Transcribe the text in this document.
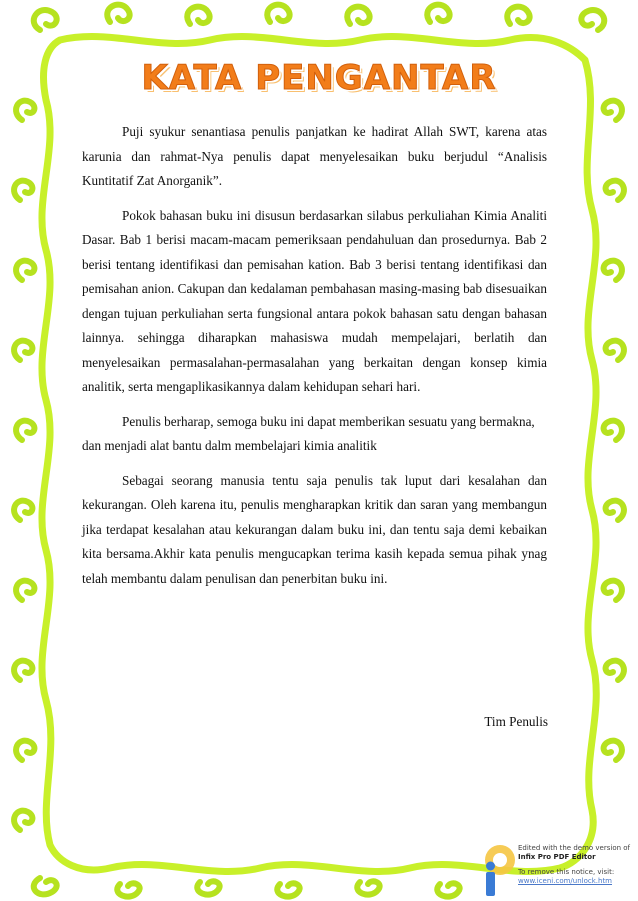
KATA PENGANTAR

Puji syukur senantiasa penulis panjatkan ke hadirat Allah SWT, karena atas karunia dan rahmat-Nya penulis dapat menyelesaikan buku berjudul “Analisis Kuntitatif Zat Anorganik”.

Pokok bahasan buku ini disusun berdasarkan silabus perkuliahan Kimia Analiti Dasar. Bab 1 berisi macam-macam pemeriksaan pendahuluan dan prosedurnya. Bab 2 berisi tentang identifikasi dan pemisahan kation. Bab 3 berisi tentang identifikasi dan pemisahan anion. Cakupan dan kedalaman pembahasan masing-masing bab disesuaikan dengan tujuan perkuliahan serta fungsional antara pokok bahasan satu dengan bahasan lainnya. sehingga diharapkan mahasiswa mudah mempelajari, berlatih dan menyelesaikan permasalahan-permasalahan yang berkaitan dengan konsep kimia analitik, serta mengaplikasikannya dalam kehidupan sehari hari.

Penulis berharap, semoga buku ini dapat memberikan sesuatu yang bermakna, dan menjadi alat bantu dalm membelajari kimia analitik

Sebagai seorang manusia tentu saja penulis tak luput dari kesalahan dan kekurangan. Oleh karena itu, penulis mengharapkan kritik dan saran yang membangun jika terdapat kesalahan atau kekurangan dalam buku ini, dan tentu saja demi kebaikan kita bersama.Akhir kata penulis mengucapkan terima kasih kepada semua pihak ynag telah membantu dalam penulisan dan penerbitan buku ini.

Tim Penulis
Edited with the demo version of
Infix Pro PDF Editor
To remove this notice, visit:
www.iceni.com/unlock.htm
